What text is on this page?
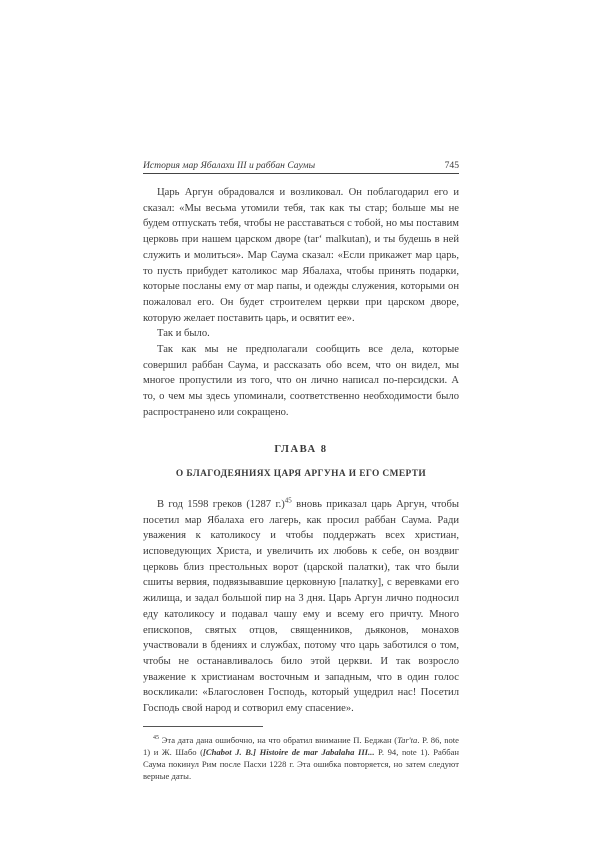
История мар Ябалахи III и раббан Саумы	745

Царь Аргун обрадовался и возликовал. Он поблагодарил его и сказал: «Мы весьма утомили тебя, так как ты стар; больше мы не будем отпускать тебя, чтобы не расставаться с тобой, но мы поставим церковь при нашем царском дворе (tar‘ malkutan), и ты будешь в ней служить и молиться». Мар Саума сказал: «Если прикажет мар царь, то пусть прибудет католикос мар Ябалаха, чтобы принять подарки, которые посланы ему от мар папы, и одежды служения, которыми он пожаловал его. Он будет строителем церкви при царском дворе, которую желает поставить царь, и освятит ее».

Так и было.

Так как мы не предполагали сообщить все дела, которые совершил раббан Саума, и рассказать обо всем, что он видел, мы многое пропустили из того, что он лично написал по-персидски. А то, о чем мы здесь упоминали, соответственно необходимости было распространено или сокращено.

ГЛАВА 8

О БЛАГОДЕЯНИЯХ ЦАРЯ АРГУНА И ЕГО СМЕРТИ

В год 1598 греков (1287 г.)$^{45}$ вновь приказал царь Аргун, чтобы посетил мар Ябалаха его лагерь, как просил раббан Саума. Ради уважения к католикосу и чтобы поддержать всех христиан, исповедующих Христа, и увеличить их любовь к себе, он воздвиг церковь близ престольных ворот (царской палатки), так что были сшиты вервия, подвязывавшие церковную [палатку], с веревками его жилища, и задал большой пир на 3 дня. Царь Аргун лично подносил еду католикосу и подавал чашу ему и всему его причту. Много епископов, святых отцов, священников, дьяконов, монахов участвовали в бдениях и службах, потому что царь заботился о том, чтобы не останавливалось било этой церкви. И так возросло уважение к христианам восточным и западным, что в один голос воскликали: «Благословен Господь, который ущедрил нас! Посетил Господь свой народ и сотворил ему спасение».

$^{45}$ Эта дата дана ошибочно, на что обратил внимание П. Беджан (Tar'ta. P. 86, note 1) и Ж. Шабо ([Chabot J. B.] Histoire de mar Jabalaha III... P. 94, note 1). Раббан Саума покинул Рим после Пасхи 1228 г. Эта ошибка повторяется, но затем следуют верные даты.
